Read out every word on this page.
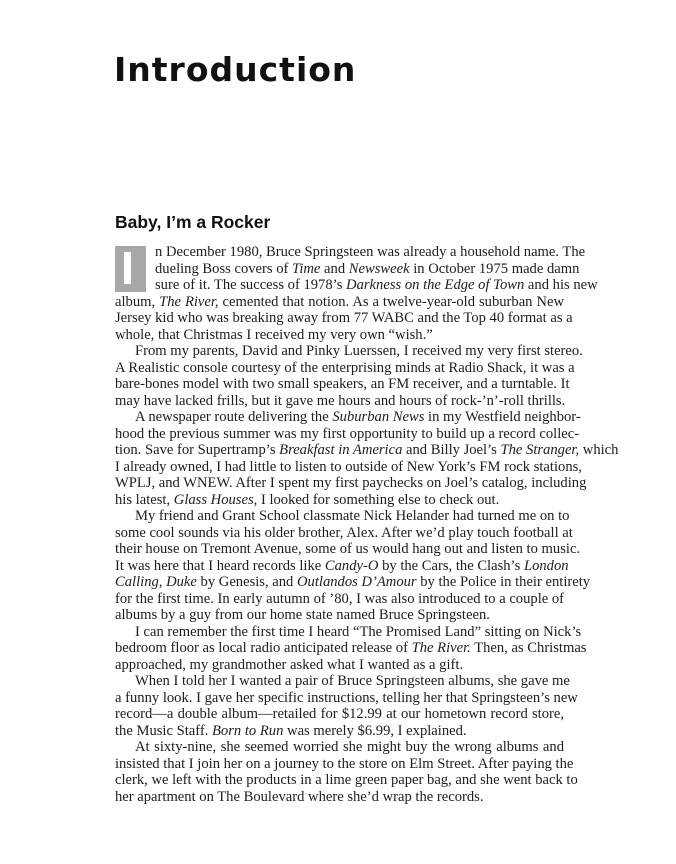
Introduction
Baby, I’m a Rocker
n December 1980, Bruce Springsteen was already a household name. The
dueling Boss covers of Time and Newsweek in October 1975 made damn
sure of it. The success of 1978’s Darkness on the Edge of Town and his new
album, The River, cemented that notion. As a twelve-year-old suburban New
Jersey kid who was breaking away from 77 WABC and the Top 40 format as a
whole, that Christmas I received my very own “wish.”
From my parents, David and Pinky Luerssen, I received my very first stereo.
A Realistic console courtesy of the enterprising minds at Radio Shack, it was a
bare-bones model with two small speakers, an FM receiver, and a turntable. It
may have lacked frills, but it gave me hours and hours of rock-’n’-roll thrills.
A newspaper route delivering the Suburban News in my Westfield neighbor-
hood the previous summer was my first opportunity to build up a record collec-
tion. Save for Supertramp’s Breakfast in America and Billy Joel’s The Stranger, which
I already owned, I had little to listen to outside of New York’s FM rock stations,
WPLJ, and WNEW. After I spent my first paychecks on Joel’s catalog, including
his latest, Glass Houses, I looked for something else to check out.
My friend and Grant School classmate Nick Helander had turned me on to
some cool sounds via his older brother, Alex. After we’d play touch football at
their house on Tremont Avenue, some of us would hang out and listen to music.
It was here that I heard records like Candy-O by the Cars, the Clash’s London
Calling, Duke by Genesis, and Outlandos D’Amour by the Police in their entirety
for the first time. In early autumn of ’80, I was also introduced to a couple of
albums by a guy from our home state named Bruce Springsteen.
I can remember the first time I heard “The Promised Land” sitting on Nick’s
bedroom floor as local radio anticipated release of The River. Then, as Christmas
approached, my grandmother asked what I wanted as a gift.
When I told her I wanted a pair of Bruce Springsteen albums, she gave me
a funny look. I gave her specific instructions, telling her that Springsteen’s new
record—a double album—retailed for $12.99 at our hometown record store,
the Music Staff. Born to Run was merely $6.99, I explained.
At sixty-nine, she seemed worried she might buy the wrong albums and
insisted that I join her on a journey to the store on Elm Street. After paying the
clerk, we left with the products in a lime green paper bag, and she went back to
her apartment on The Boulevard where she’d wrap the records.
